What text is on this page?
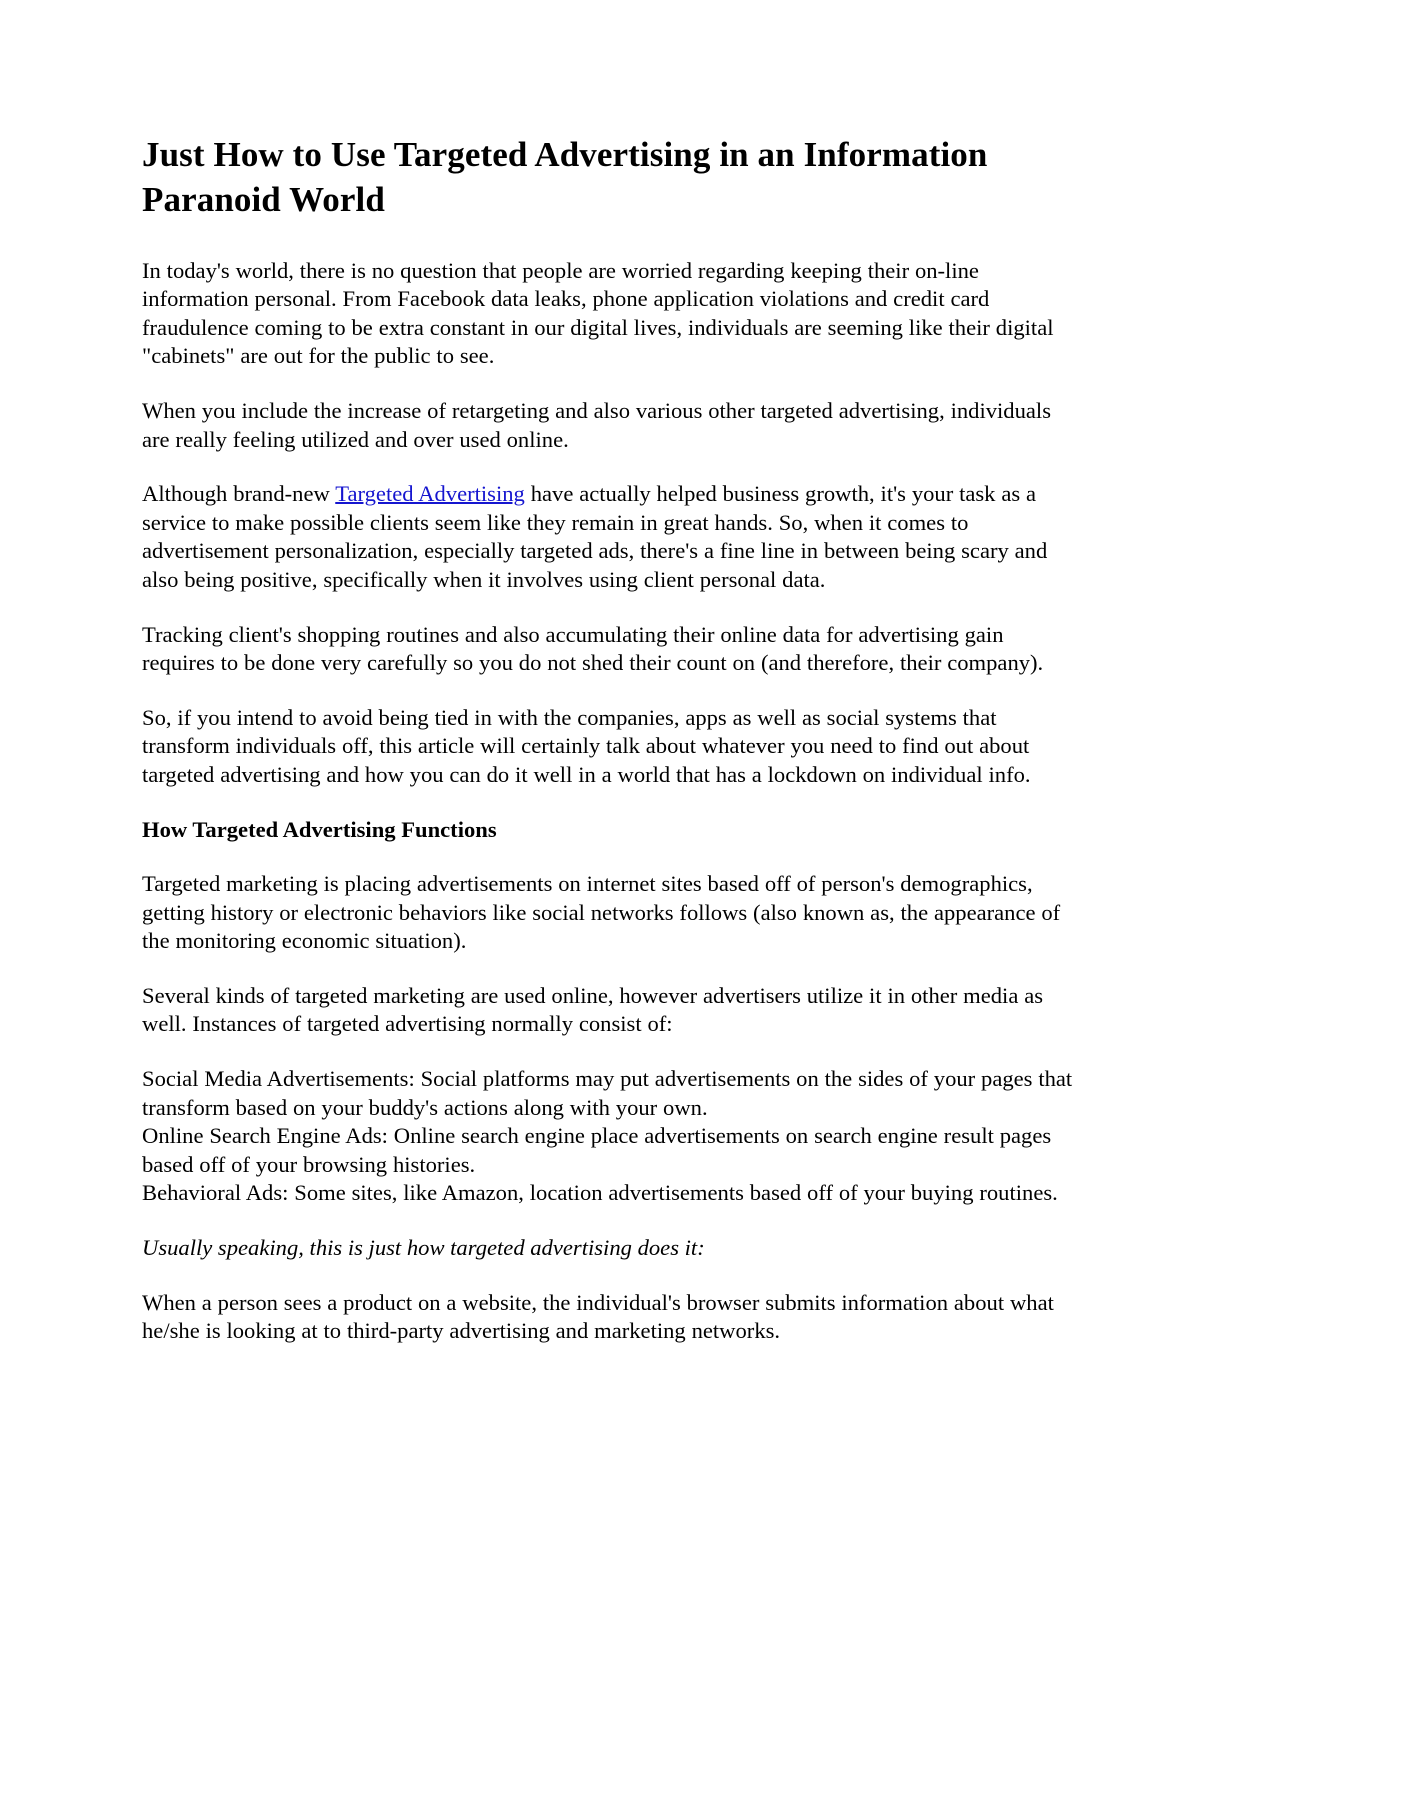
Just How to Use Targeted Advertising in an Information Paranoid World

In today's world, there is no question that people are worried regarding keeping their on-line information personal. From Facebook data leaks, phone application violations and credit card fraudulence coming to be extra constant in our digital lives, individuals are seeming like their digital "cabinets" are out for the public to see.

When you include the increase of retargeting and also various other targeted advertising, individuals are really feeling utilized and over used online.

Although brand-new Targeted Advertising have actually helped business growth, it's your task as a service to make possible clients seem like they remain in great hands. So, when it comes to advertisement personalization, especially targeted ads, there's a fine line in between being scary and also being positive, specifically when it involves using client personal data.

Tracking client's shopping routines and also accumulating their online data for advertising gain requires to be done very carefully so you do not shed their count on (and therefore, their company).

So, if you intend to avoid being tied in with the companies, apps as well as social systems that transform individuals off, this article will certainly talk about whatever you need to find out about targeted advertising and how you can do it well in a world that has a lockdown on individual info.

How Targeted Advertising Functions

Targeted marketing is placing advertisements on internet sites based off of person's demographics, getting history or electronic behaviors like social networks follows (also known as, the appearance of the monitoring economic situation).

Several kinds of targeted marketing are used online, however advertisers utilize it in other media as well. Instances of targeted advertising normally consist of:

Social Media Advertisements: Social platforms may put advertisements on the sides of your pages that transform based on your buddy's actions along with your own.

Online Search Engine Ads: Online search engine place advertisements on search engine result pages based off of your browsing histories.

Behavioral Ads: Some sites, like Amazon, location advertisements based off of your buying routines.

Usually speaking, this is just how targeted advertising does it:

When a person sees a product on a website, the individual's browser submits information about what he/she is looking at to third-party advertising and marketing networks.
